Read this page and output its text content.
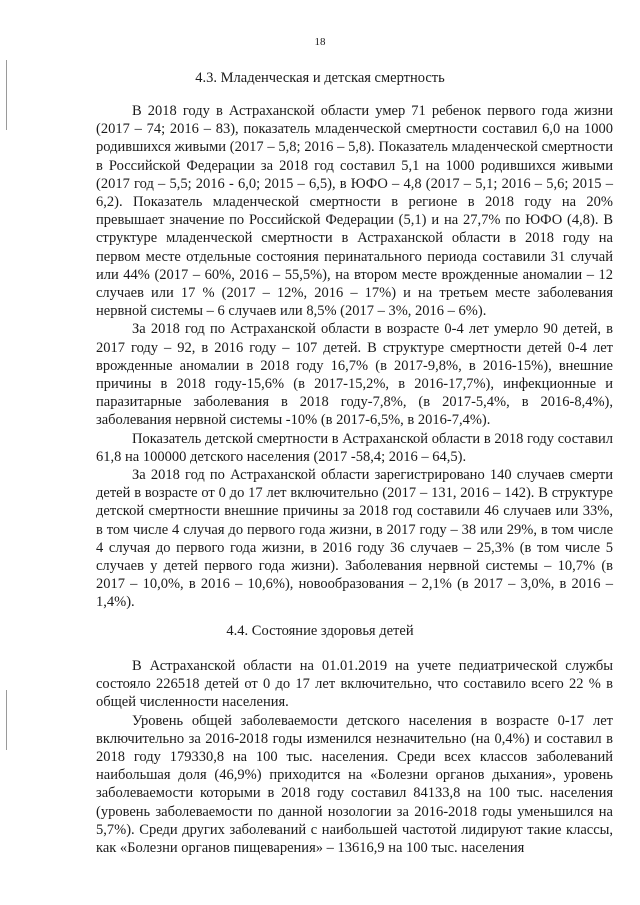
18
4.3. Младенческая и детская смертность

В 2018 году в Астраханской области умер 71 ребенок первого года жизни (2017 – 74; 2016 – 83), показатель младенческой смертности составил 6,0 на 1000 родившихся живыми (2017 – 5,8; 2016 – 5,8). Показатель младенческой смертности в Российской Федерации за 2018 год составил 5,1 на 1000 родившихся живыми (2017 год – 5,5; 2016 - 6,0; 2015 – 6,5), в ЮФО – 4,8 (2017 – 5,1; 2016 – 5,6; 2015 – 6,2). Показатель младенческой смертности в регионе в 2018 году на 20% превышает значение по Российской Федерации (5,1) и на 27,7% по ЮФО (4,8). В структуре младенческой смертности в Астраханской области в 2018 году на первом месте отдельные состояния перинатального периода составили 31 случай или 44% (2017 – 60%, 2016 – 55,5%), на втором месте врожденные аномалии – 12 случаев или 17 % (2017 – 12%, 2016 – 17%) и на третьем месте заболевания нервной системы – 6 случаев или 8,5% (2017 – 3%, 2016 – 6%).

За 2018 год по Астраханской области в возрасте 0-4 лет умерло 90 детей, в 2017 году – 92, в 2016 году – 107 детей. В структуре смертности детей 0-4 лет врожденные аномалии в 2018 году 16,7% (в 2017-9,8%, в 2016-15%), внешние причины в 2018 году-15,6% (в 2017-15,2%, в 2016-17,7%), инфекционные и паразитарные заболевания в 2018 году-7,8%, (в 2017-5,4%, в 2016-8,4%), заболевания нервной системы -10% (в 2017-6,5%, в 2016-7,4%).

Показатель детской смертности в Астраханской области в 2018 году составил 61,8 на 100000 детского населения (2017 -58,4; 2016 – 64,5).

За 2018 год по Астраханской области зарегистрировано 140 случаев смерти детей в возрасте от 0 до 17 лет включительно (2017 – 131, 2016 – 142). В структуре детской смертности внешние причины за 2018 год составили 46 случаев или 33%, в том числе 4 случая до первого года жизни, в 2017 году – 38 или 29%, в том числе 4 случая до первого года жизни, в 2016 году 36 случаев – 25,3% (в том числе 5 случаев у детей первого года жизни). Заболевания нервной системы – 10,7% (в 2017 – 10,0%, в 2016 – 10,6%), новообразования – 2,1% (в 2017 – 3,0%, в 2016 – 1,4%).

4.4. Состояние здоровья детей

В Астраханской области на 01.01.2019 на учете педиатрической службы состояло 226518 детей от 0 до 17 лет включительно, что составило всего 22 % в общей численности населения.

Уровень общей заболеваемости детского населения в возрасте 0-17 лет включительно за 2016-2018 годы изменился незначительно (на 0,4%) и составил в 2018 году 179330,8 на 100 тыс. населения. Среди всех классов заболеваний наибольшая доля (46,9%) приходится на «Болезни органов дыхания», уровень заболеваемости которыми в 2018 году составил 84133,8 на 100 тыс. населения (уровень заболеваемости по данной нозологии за 2016-2018 годы уменьшился на 5,7%). Среди других заболеваний с наибольшей частотой лидируют такие классы, как «Болезни органов пищеварения» – 13616,9 на 100 тыс. населения
